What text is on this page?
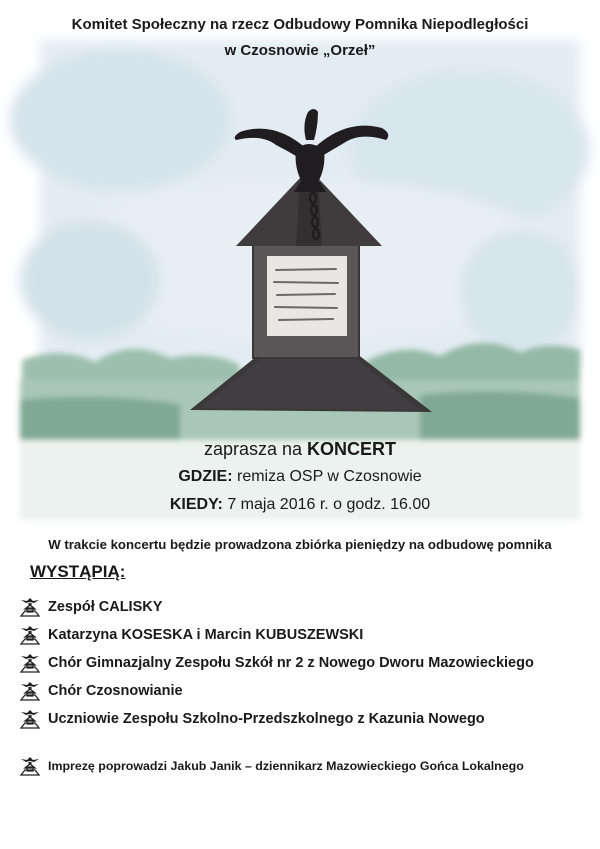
Komitet Społeczny na rzecz Odbudowy Pomnika Niepodległości
w Czosnowie „Orzeł”
zaprasza na KONCERT
GDZIE: remiza OSP w Czosnowie
KIEDY: 7 maja 2016 r. o godz. 16.00
W trakcie koncertu będzie prowadzona zbiórka pieniędzy na odbudowę pomnika
WYSTĄPIĄ:
Zespół CALISKY
Katarzyna KOSESKA i Marcin KUBUSZEWSKI
Chór Gimnazjalny Zespołu Szkół nr 2 z Nowego Dworu Mazowieckiego
Chór Czosnowianie
Uczniowie Zespołu Szkolno-Przedszkolnego z Kazunia Nowego
Imprezę poprowadzi Jakub Janik – dziennikarz Mazowieckiego Gońca Lokalnego
